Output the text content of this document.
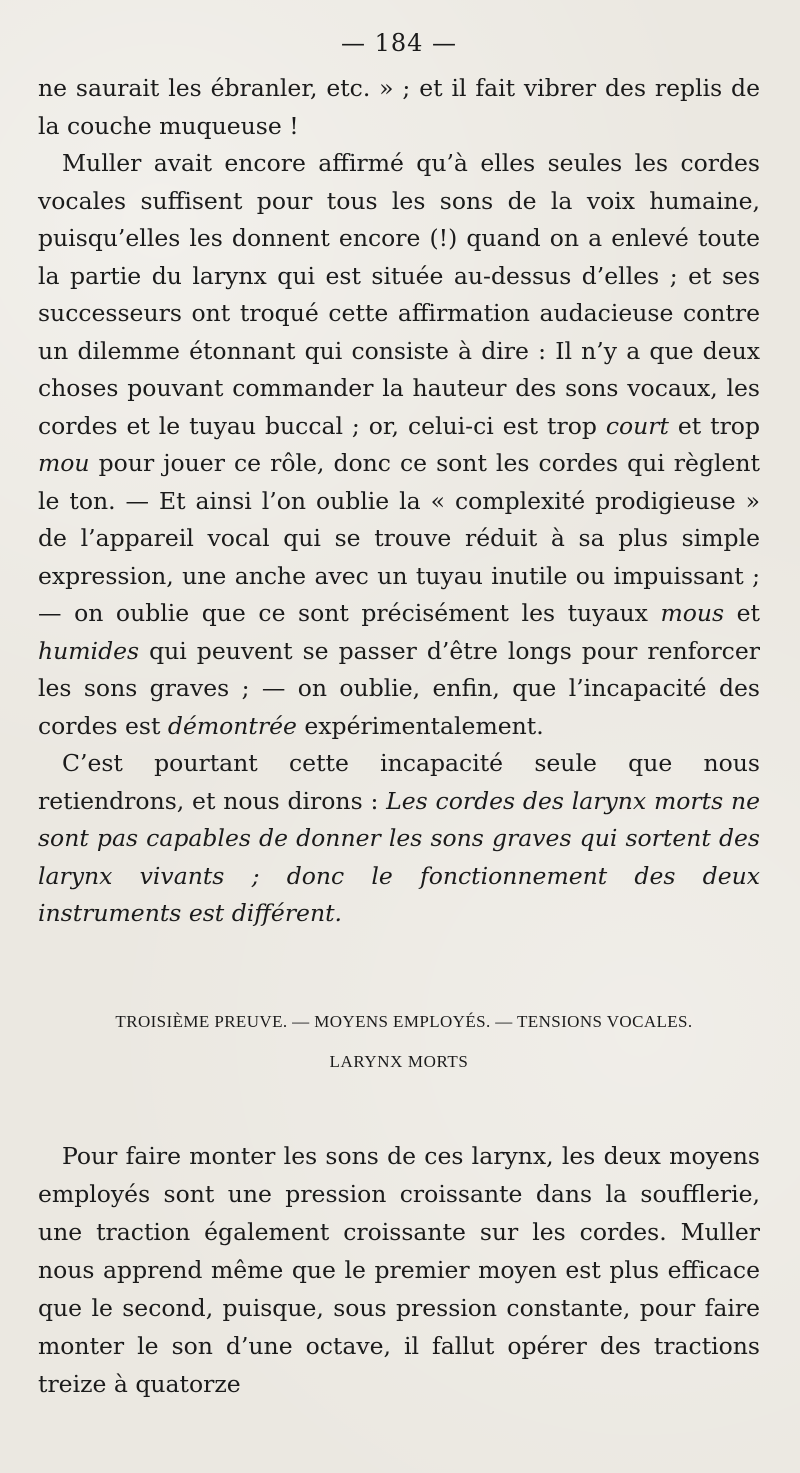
— 184 —

ne saurait les ébranler, etc. » ; et il fait vibrer des replis de la couche muqueuse !

Muller avait encore affirmé qu’à elles seules les cordes vocales suffisent pour tous les sons de la voix humaine, puisqu’elles les donnent encore (!) quand on a enlevé toute la partie du larynx qui est située au-dessus d’elles ; et ses successeurs ont troqué cette affirmation audacieuse contre un dilemme étonnant qui consiste à dire : Il n’y a que deux choses pouvant commander la hauteur des sons vocaux, les cordes et le tuyau buccal ; or, celui-ci est trop court et trop mou pour jouer ce rôle, donc ce sont les cordes qui règlent le ton. — Et ainsi l’on oublie la « complexité prodigieuse » de l’appareil vocal qui se trouve réduit à sa plus simple expression, une anche avec un tuyau inutile ou impuissant ; — on oublie que ce sont précisément les tuyaux mous et humides qui peuvent se passer d’être longs pour renforcer les sons graves ; — on oublie, enfin, que l’incapacité des cordes est démontrée expérimentalement.

C’est pourtant cette incapacité seule que nous retiendrons, et nous dirons : Les cordes des larynx morts ne sont pas capables de donner les sons graves qui sortent des larynx vivants ; donc le fonctionnement des deux instruments est différent.

TROISIÈME PREUVE. — MOYENS EMPLOYÉS. — TENSIONS VOCALES.
LARYNX MORTS

Pour faire monter les sons de ces larynx, les deux moyens employés sont une pression croissante dans la soufflerie, une traction également croissante sur les cordes. Muller nous apprend même que le premier moyen est plus efficace que le second, puisque, sous pression constante, pour faire monter le son d’une octave, il fallut opérer des tractions treize à quatorze
